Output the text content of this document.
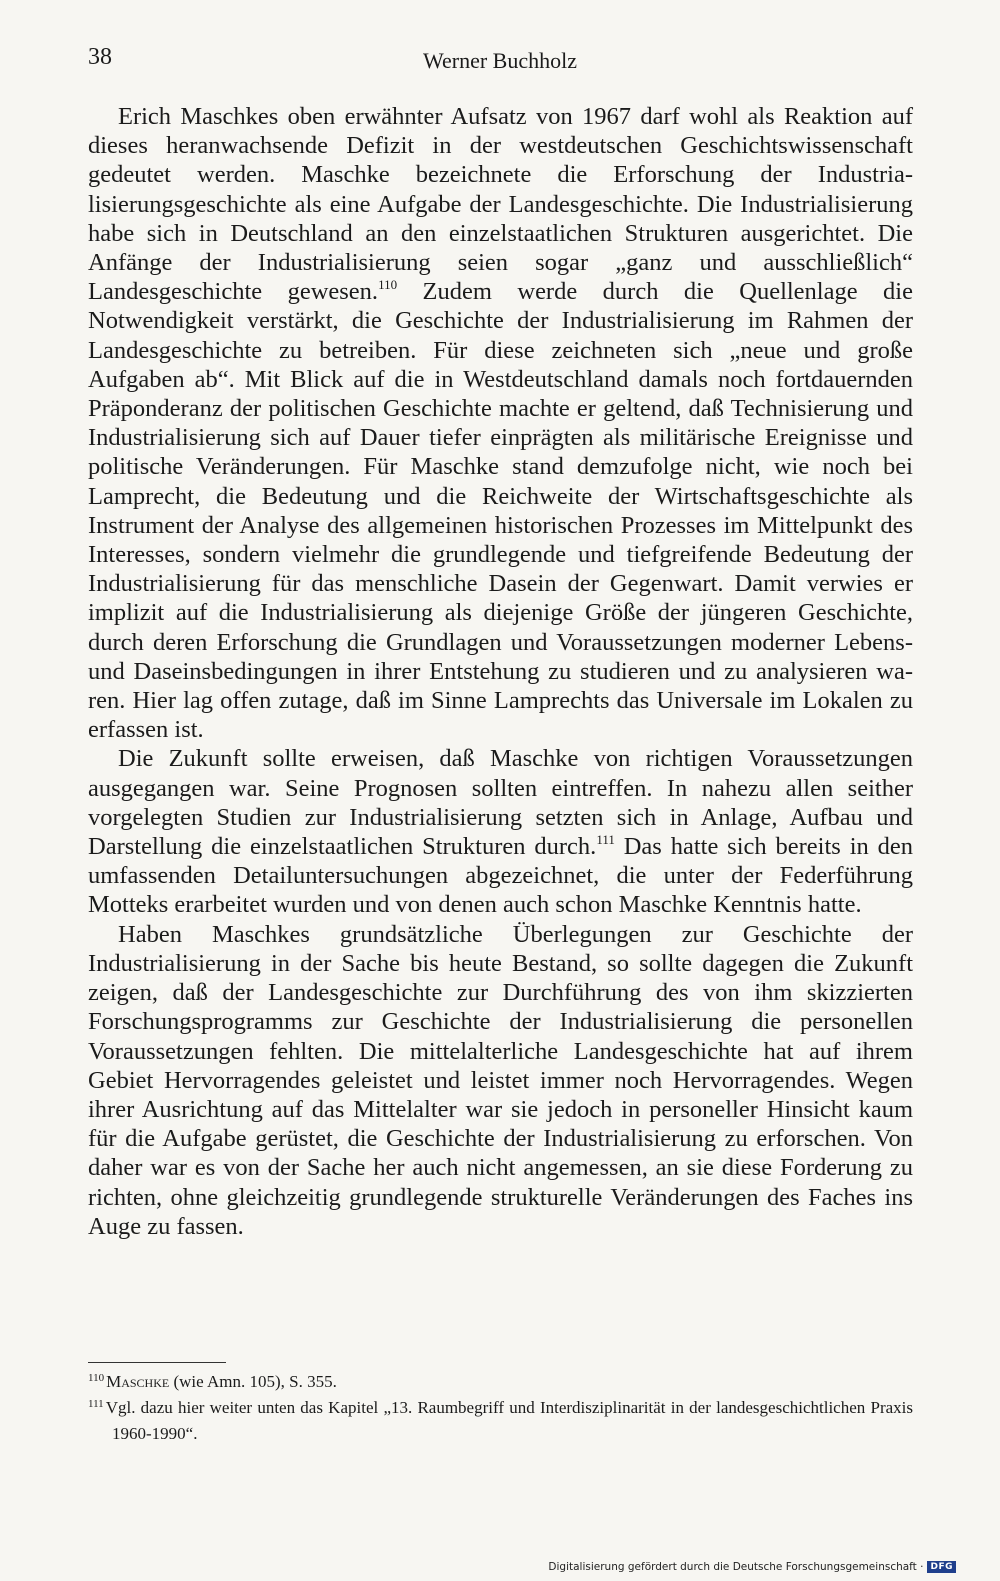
38	Werner Buchholz

Erich Maschkes oben erwähnter Aufsatz von 1967 darf wohl als Reaktion auf dieses heranwachsende Defizit in der westdeutschen Geschichtswissenschaft gedeutet werden. Maschke bezeichnete die Erforschung der Industrialisierungsgeschichte als eine Aufgabe der Landesgeschichte. Die Industrialisierung habe sich in Deutschland an den einzelstaatlichen Strukturen ausgerichtet. Die Anfänge der Industrialisierung seien sogar „ganz und ausschließlich“ Landesgeschichte gewesen.$^{110}$ Zudem werde durch die Quellenlage die Notwendigkeit verstärkt, die Geschichte der Industrialisierung im Rahmen der Landesgeschichte zu betreiben. Für diese zeichneten sich „neue und große Aufgaben ab“. Mit Blick auf die in Westdeutschland damals noch fortdauernden Präponderanz der politischen Geschichte machte er geltend, daß Technisierung und Industrialisierung sich auf Dauer tiefer einprägten als militärische Ereignisse und politische Veränderungen. Für Maschke stand demzufolge nicht, wie noch bei Lamprecht, die Bedeutung und die Reichweite der Wirtschaftsgeschichte als Instrument der Analyse des allgemeinen historischen Prozesses im Mittelpunkt des Interesses, sondern vielmehr die grundlegende und tiefgreifende Bedeutung der Industrialisierung für das menschliche Dasein der Gegenwart. Damit verwies er implizit auf die Industrialisierung als diejenige Größe der jüngeren Geschichte, durch deren Erforschung die Grundlagen und Voraussetzungen moderner Lebens- und Daseinsbedingungen in ihrer Entstehung zu studieren und zu analysieren waren. Hier lag offen zutage, daß im Sinne Lamprechts das Universale im Lokalen zu erfassen ist.

Die Zukunft sollte erweisen, daß Maschke von richtigen Voraussetzungen ausgegangen war. Seine Prognosen sollten eintreffen. In nahezu allen seither vorgelegten Studien zur Industrialisierung setzten sich in Anlage, Aufbau und Darstellung die einzelstaatlichen Strukturen durch.$^{111}$ Das hatte sich bereits in den umfassenden Detailuntersuchungen abgezeichnet, die unter der Federführung Motteks erarbeitet wurden und von denen auch schon Maschke Kenntnis hatte.

Haben Maschkes grundsätzliche Überlegungen zur Geschichte der Industrialisierung in der Sache bis heute Bestand, so sollte dagegen die Zukunft zeigen, daß der Landesgeschichte zur Durchführung des von ihm skizzierten Forschungsprogramms zur Geschichte der Industrialisierung die personellen Voraussetzungen fehlten. Die mittelalterliche Landesgeschichte hat auf ihrem Gebiet Hervorragendes geleistet und leistet immer noch Hervorragendes. Wegen ihrer Ausrichtung auf das Mittelalter war sie jedoch in personeller Hinsicht kaum für die Aufgabe gerüstet, die Geschichte der Industrialisierung zu erforschen. Von daher war es von der Sache her auch nicht angemessen, an sie diese Forderung zu richten, ohne gleichzeitig grundlegende strukturelle Veränderungen des Faches ins Auge zu fassen.

$^{110}$ Maschke (wie Amn. 105), S. 355.

$^{111}$ Vgl. dazu hier weiter unten das Kapitel „13. Raumbegriff und Interdisziplinarität in der landesgeschichtlichen Praxis 1960-1990“.

Digitalisierung gefördert durch die Deutsche Forschungsgemeinschaft · DFG
